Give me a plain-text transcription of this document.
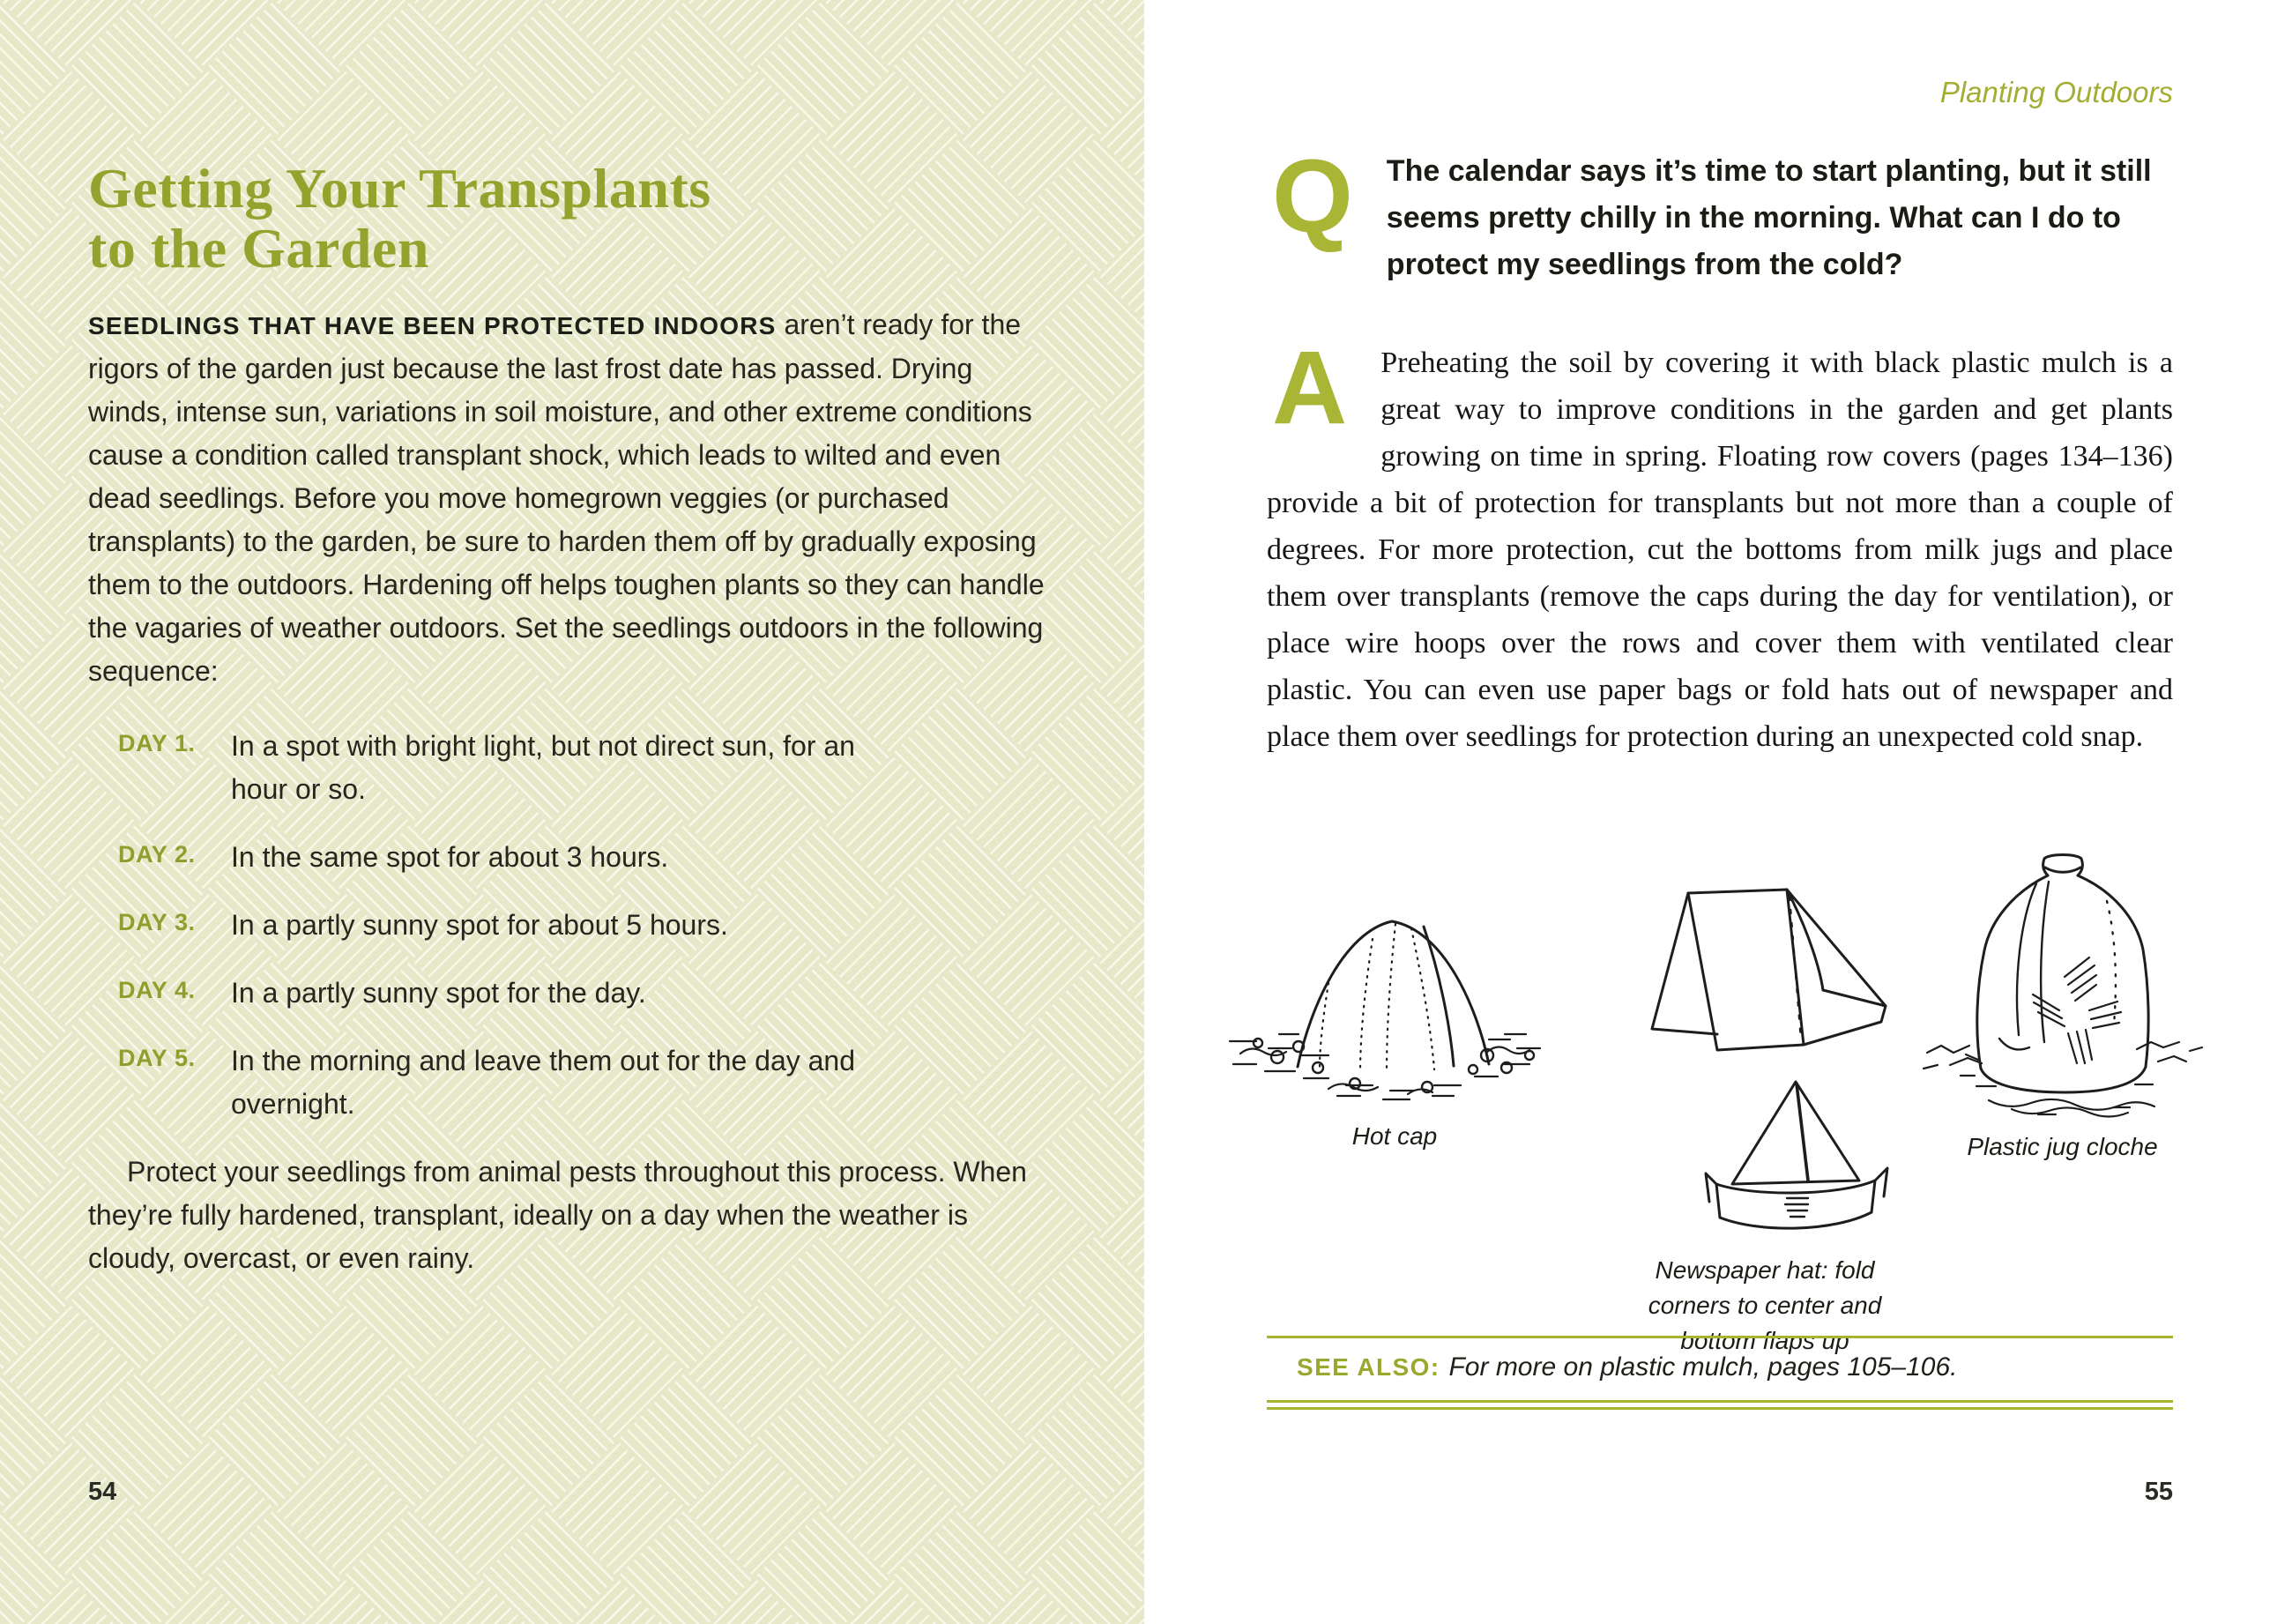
Getting Your Transplants
to the Garden

SEEDLINGS THAT HAVE BEEN PROTECTED INDOORS aren’t ready for the rigors of the garden just because the last frost date has passed. Drying winds, intense sun, variations in soil moisture, and other extreme conditions cause a condition called transplant shock, which leads to wilted and even dead seedlings. Before you move homegrown veggies (or purchased transplants) to the garden, be sure to harden them off by gradually exposing them to the outdoors. Hardening off helps toughen plants so they can handle the vagaries of weather outdoors. Set the seedlings outdoors in the following sequence:

DAY 1.	In a spot with bright light, but not direct sun, for an hour or so.
DAY 2.	In the same spot for about 3 hours.
DAY 3.	In a partly sunny spot for about 5 hours.
DAY 4.	In a partly sunny spot for the day.
DAY 5.	In the morning and leave them out for the day and overnight.

Protect your seedlings from animal pests throughout this process. When they’re fully hardened, transplant, ideally on a day when the weather is cloudy, overcast, or even rainy.

54
Planting Outdoors
Q	The calendar says it’s time to start planting, but it still seems pretty chilly in the morning. What can I do to protect my seedlings from the cold?

A	Preheating the soil by covering it with black plastic mulch is a great way to improve conditions in the garden and get plants growing on time in spring. Floating row covers (pages 134–136) provide a bit of protection for transplants but not more than a couple of degrees. For more protection, cut the bottoms from milk jugs and place them over transplants (remove the caps during the day for ventilation), or place wire hoops over the rows and cover them with ventilated clear plastic. You can even use paper bags or fold hats out of newspaper and place them over seedlings for protection during an unexpected cold snap.

Hot cap
Newspaper hat: fold corners to center and bottom flaps up
Plastic jug cloche
SEE ALSO: For more on plastic mulch, pages 105–106.
55
